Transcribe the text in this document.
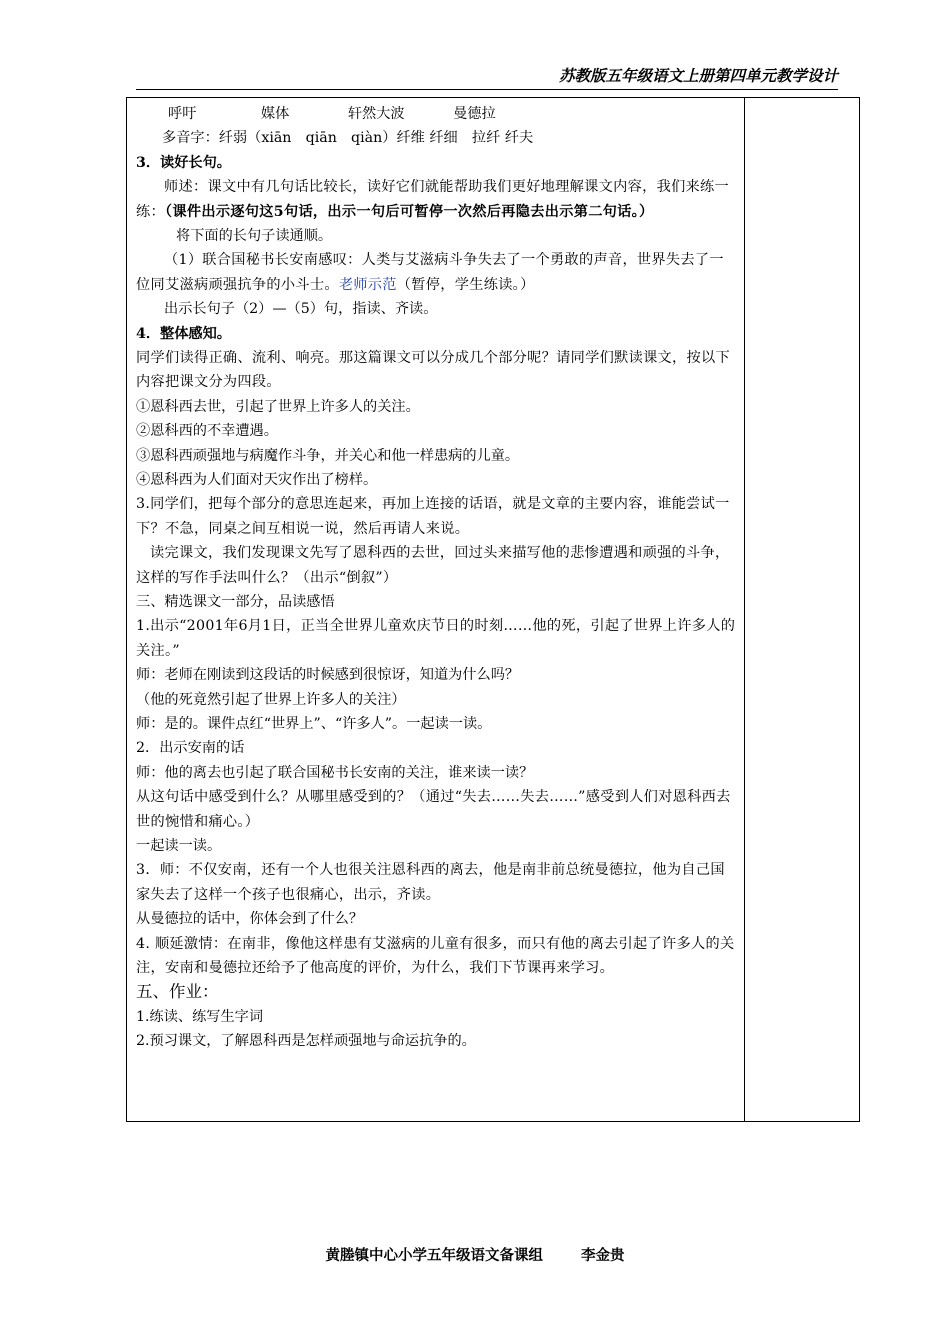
苏教版五年级语文上册第四单元教学设计
呼吁	媒体	轩然大波	曼德拉
多音字：纤弱（xiān　qiān　qiàn）纤维 纤细　拉纤 纤夫
3．读好长句。
师述：课文中有几句话比较长，读好它们就能帮助我们更好地理解课文内容，我们来练一练：（课件出示逐句这5句话，出示一句后可暂停一次然后再隐去出示第二句话。）
将下面的长句子读通顺。
（1）联合国秘书长安南感叹：人类与艾滋病斗争失去了一个勇敢的声音，世界失去了一位同艾滋病顽强抗争的小斗士。老师示范（暂停，学生练读。）
出示长句子（2）—（5）句，指读、齐读。
4．整体感知。
同学们读得正确、流利、响亮。那这篇课文可以分成几个部分呢？请同学们默读课文，按以下内容把课文分为四段。
①恩科西去世，引起了世界上许多人的关注。
②恩科西的不幸遭遇。
③恩科西顽强地与病魔作斗争，并关心和他一样患病的儿童。
④恩科西为人们面对天灾作出了榜样。
3.同学们，把每个部分的意思连起来，再加上连接的话语，就是文章的主要内容，谁能尝试一下？不急，同桌之间互相说一说，然后再请人来说。
读完课文，我们发现课文先写了恩科西的去世，回过头来描写他的悲惨遭遇和顽强的斗争，这样的写作手法叫什么？（出示“倒叙”）
三、精选课文一部分，品读感悟
1.出示“2001年6月1日，正当全世界儿童欢庆节日的时刻……他的死，引起了世界上许多人的关注。”
师：老师在刚读到这段话的时候感到很惊讶，知道为什么吗？
（他的死竟然引起了世界上许多人的关注）
师：是的。课件点红“世界上”、“许多人”。一起读一读。
2．出示安南的话
师：他的离去也引起了联合国秘书长安南的关注，谁来读一读？
从这句话中感受到什么？从哪里感受到的？（通过“失去……失去……”感受到人们对恩科西去世的惋惜和痛心。）
一起读一读。
3．师：不仅安南，还有一个人也很关注恩科西的离去，他是南非前总统曼德拉，他为自己国家失去了这样一个孩子也很痛心，出示，齐读。
从曼德拉的话中，你体会到了什么？
4. 顺延激情：在南非，像他这样患有艾滋病的儿童有很多，而只有他的离去引起了许多人的关注，安南和曼德拉还给予了他高度的评价，为什么，我们下节课再来学习。
五、作业：
1.练读、练写生字词
2.预习课文，了解恩科西是怎样顽强地与命运抗争的。
黄塍镇中心小学五年级语文备课组	李金贵
